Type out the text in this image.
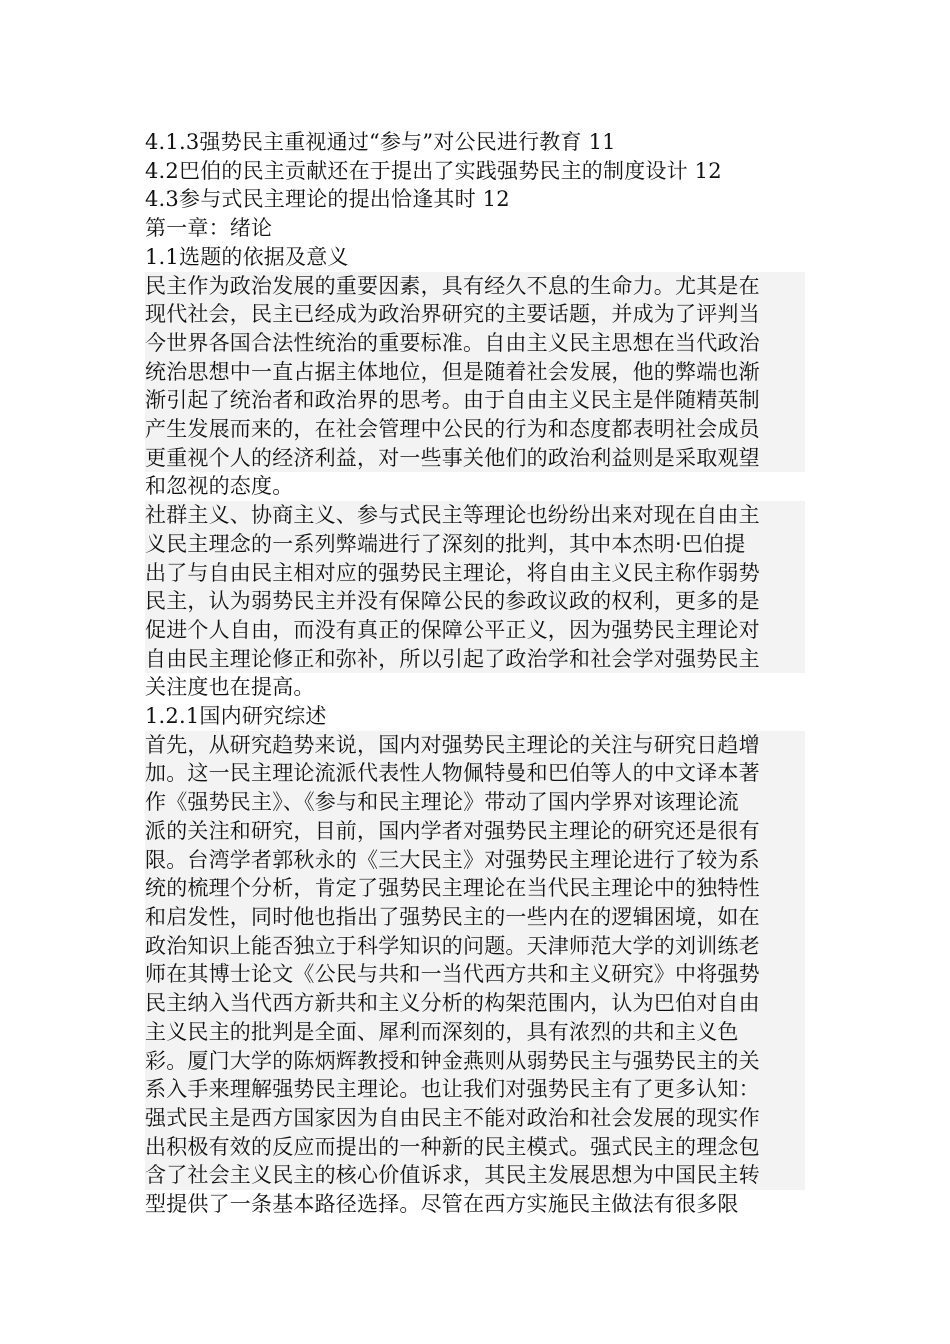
4.1.3强势民主重视通过“参与”对公民进行教育 11
4.2巴伯的民主贡献还在于提出了实践强势民主的制度设计 12
4.3参与式民主理论的提出恰逢其时 12
第一章：绪论
1.1选题的依据及意义
民主作为政治发展的重要因素，具有经久不息的生命力。尤其是在
现代社会，民主已经成为政治界研究的主要话题，并成为了评判当
今世界各国合法性统治的重要标准。自由主义民主思想在当代政治
统治思想中一直占据主体地位，但是随着社会发展，他的弊端也渐
渐引起了统治者和政治界的思考。由于自由主义民主是伴随精英制
产生发展而来的，在社会管理中公民的行为和态度都表明社会成员
更重视个人的经济利益，对一些事关他们的政治利益则是采取观望
和忽视的态度。
社群主义、协商主义、参与式民主等理论也纷纷出来对现在自由主
义民主理念的一系列弊端进行了深刻的批判，其中本杰明·巴伯提
出了与自由民主相对应的强势民主理论，将自由主义民主称作弱势
民主，认为弱势民主并没有保障公民的参政议政的权利，更多的是
促进个人自由，而没有真正的保障公平正义，因为强势民主理论对
自由民主理论修正和弥补，所以引起了政治学和社会学对强势民主
关注度也在提高。
1.2.1国内研究综述
首先，从研究趋势来说，国内对强势民主理论的关注与研究日趋增
加。这一民主理论流派代表性人物佩特曼和巴伯等人的中文译本著
作《强势民主》、《参与和民主理论》带动了国内学界对该理论流
派的关注和研究，目前，国内学者对强势民主理论的研究还是很有
限。台湾学者郭秋永的《三大民主》对强势民主理论进行了较为系
统的梳理个分析，肯定了强势民主理论在当代民主理论中的独特性
和启发性，同时他也指出了强势民主的一些内在的逻辑困境，如在
政治知识上能否独立于科学知识的问题。天津师范大学的刘训练老
师在其博士论文《公民与共和一当代西方共和主义研究》中将强势
民主纳入当代西方新共和主义分析的构架范围内，认为巴伯对自由
主义民主的批判是全面、犀利而深刻的，具有浓烈的共和主义色
彩。厦门大学的陈炳辉教授和钟金燕则从弱势民主与强势民主的关
系入手来理解强势民主理论。也让我们对强势民主有了更多认知：
强式民主是西方国家因为自由民主不能对政治和社会发展的现实作
出积极有效的反应而提出的一种新的民主模式。强式民主的理念包
含了社会主义民主的核心价值诉求，其民主发展思想为中国民主转
型提供了一条基本路径选择。尽管在西方实施民主做法有很多限
